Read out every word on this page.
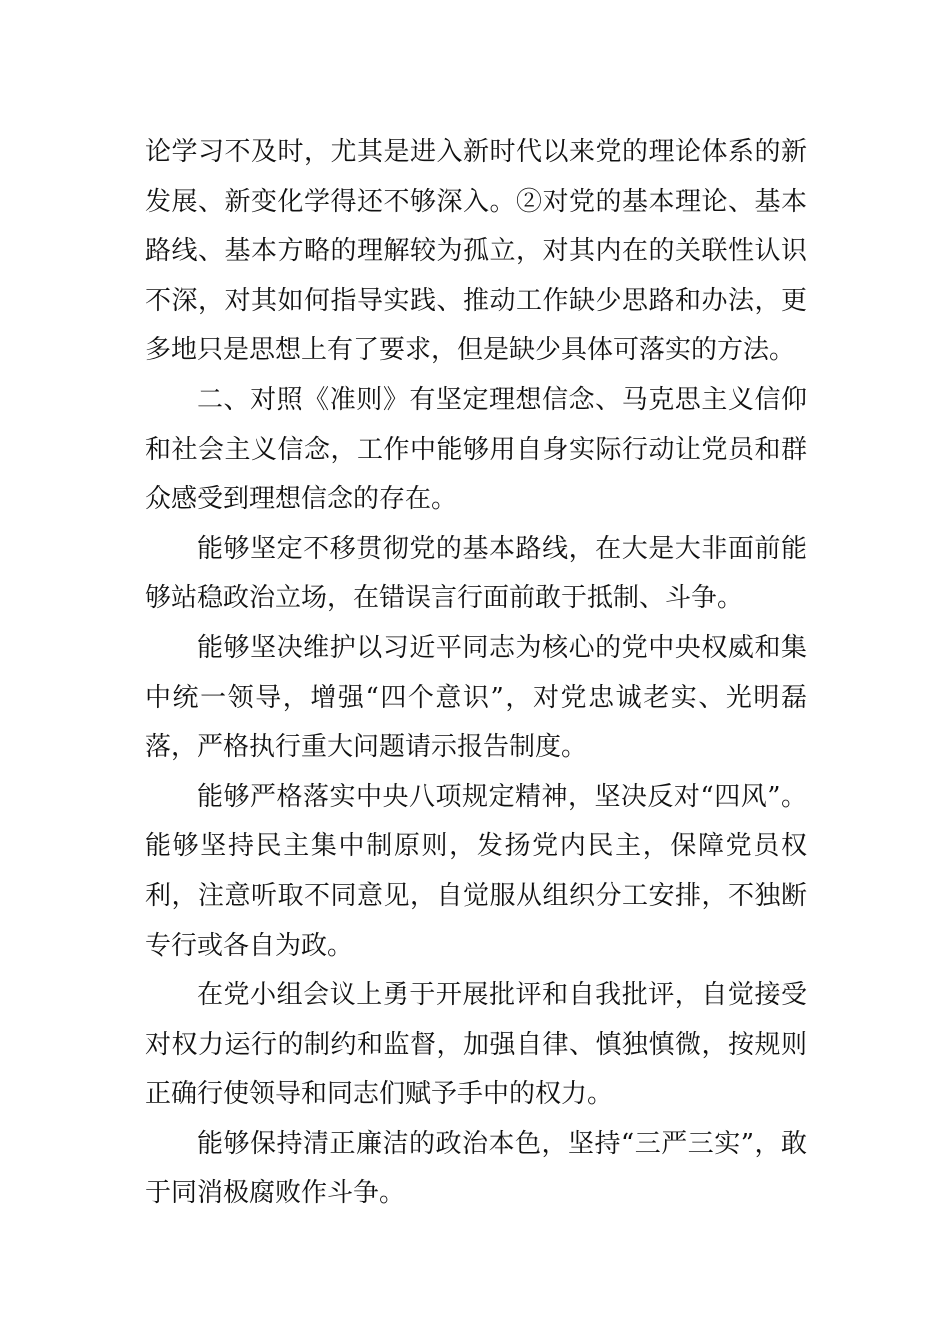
论学习不及时，尤其是进入新时代以来党的理论体系的新发展、新变化学得还不够深入。②对党的基本理论、基本路线、基本方略的理解较为孤立，对其内在的关联性认识不深，对其如何指导实践、推动工作缺少思路和办法，更多地只是思想上有了要求，但是缺少具体可落实的方法。

二、对照《准则》有坚定理想信念、马克思主义信仰和社会主义信念，工作中能够用自身实际行动让党员和群众感受到理想信念的存在。

能够坚定不移贯彻党的基本路线，在大是大非面前能够站稳政治立场，在错误言行面前敢于抵制、斗争。

能够坚决维护以习近平同志为核心的党中央权威和集中统一领导，增强“四个意识”，对党忠诚老实、光明磊落，严格执行重大问题请示报告制度。

能够严格落实中央八项规定精神，坚决反对“四风”。能够坚持民主集中制原则，发扬党内民主，保障党员权利，注意听取不同意见，自觉服从组织分工安排，不独断专行或各自为政。

在党小组会议上勇于开展批评和自我批评，自觉接受对权力运行的制约和监督，加强自律、慎独慎微，按规则正确行使领导和同志们赋予手中的权力。

能够保持清正廉洁的政治本色，坚持“三严三实”，敢于同消极腐败作斗争。
